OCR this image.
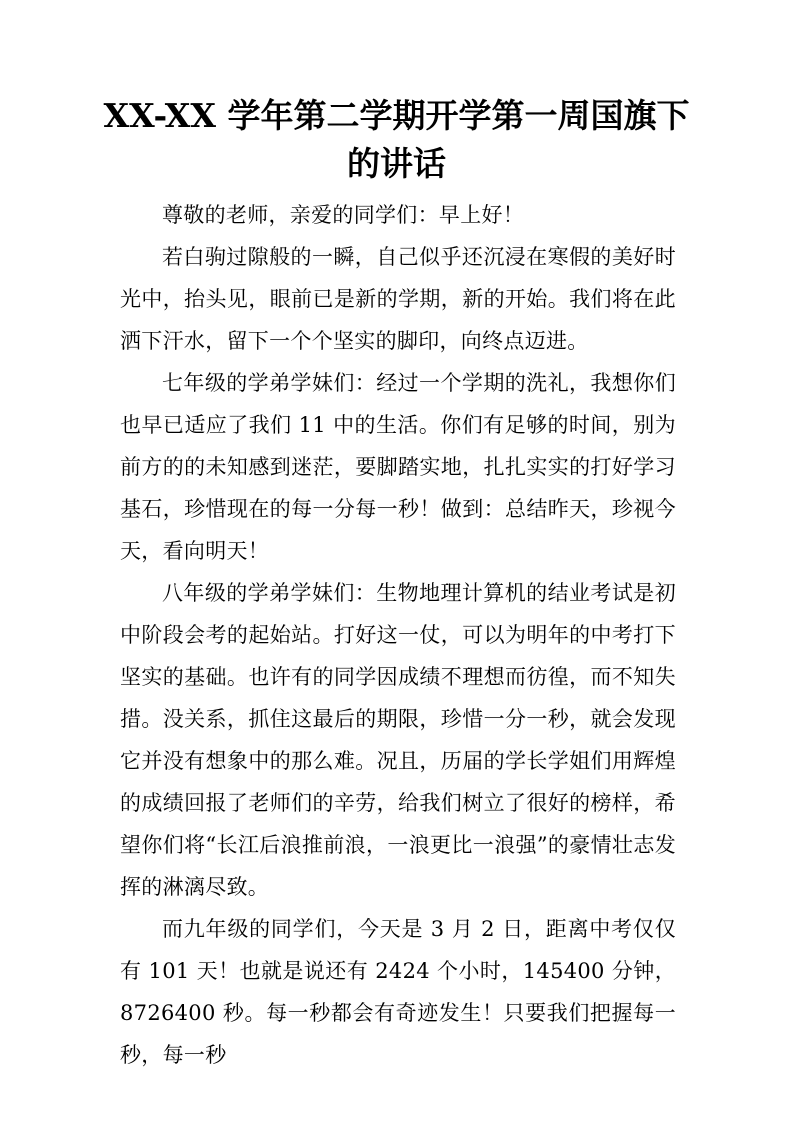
XX-XX 学年第二学期开学第一周国旗下的讲话

尊敬的老师，亲爱的同学们：早上好！

若白驹过隙般的一瞬，自己似乎还沉浸在寒假的美好时光中，抬头见，眼前已是新的学期，新的开始。我们将在此洒下汗水，留下一个个坚实的脚印，向终点迈进。

七年级的学弟学妹们：经过一个学期的洗礼，我想你们也早已适应了我们 11 中的生活。你们有足够的时间，别为前方的的未知感到迷茫，要脚踏实地，扎扎实实的打好学习基石，珍惜现在的每一分每一秒！做到：总结昨天，珍视今天，看向明天！

八年级的学弟学妹们：生物地理计算机的结业考试是初中阶段会考的起始站。打好这一仗，可以为明年的中考打下坚实的基础。也许有的同学因成绩不理想而彷徨，而不知失措。没关系，抓住这最后的期限，珍惜一分一秒，就会发现它并没有想象中的那么难。况且，历届的学长学姐们用辉煌的成绩回报了老师们的辛劳，给我们树立了很好的榜样，希望你们将“长江后浪推前浪，一浪更比一浪强”的豪情壮志发挥的淋漓尽致。

而九年级的同学们，今天是 3 月 2 日，距离中考仅仅有 101 天！也就是说还有 2424 个小时，145400 分钟，8726400 秒。每一秒都会有奇迹发生！只要我们把握每一秒，每一秒
